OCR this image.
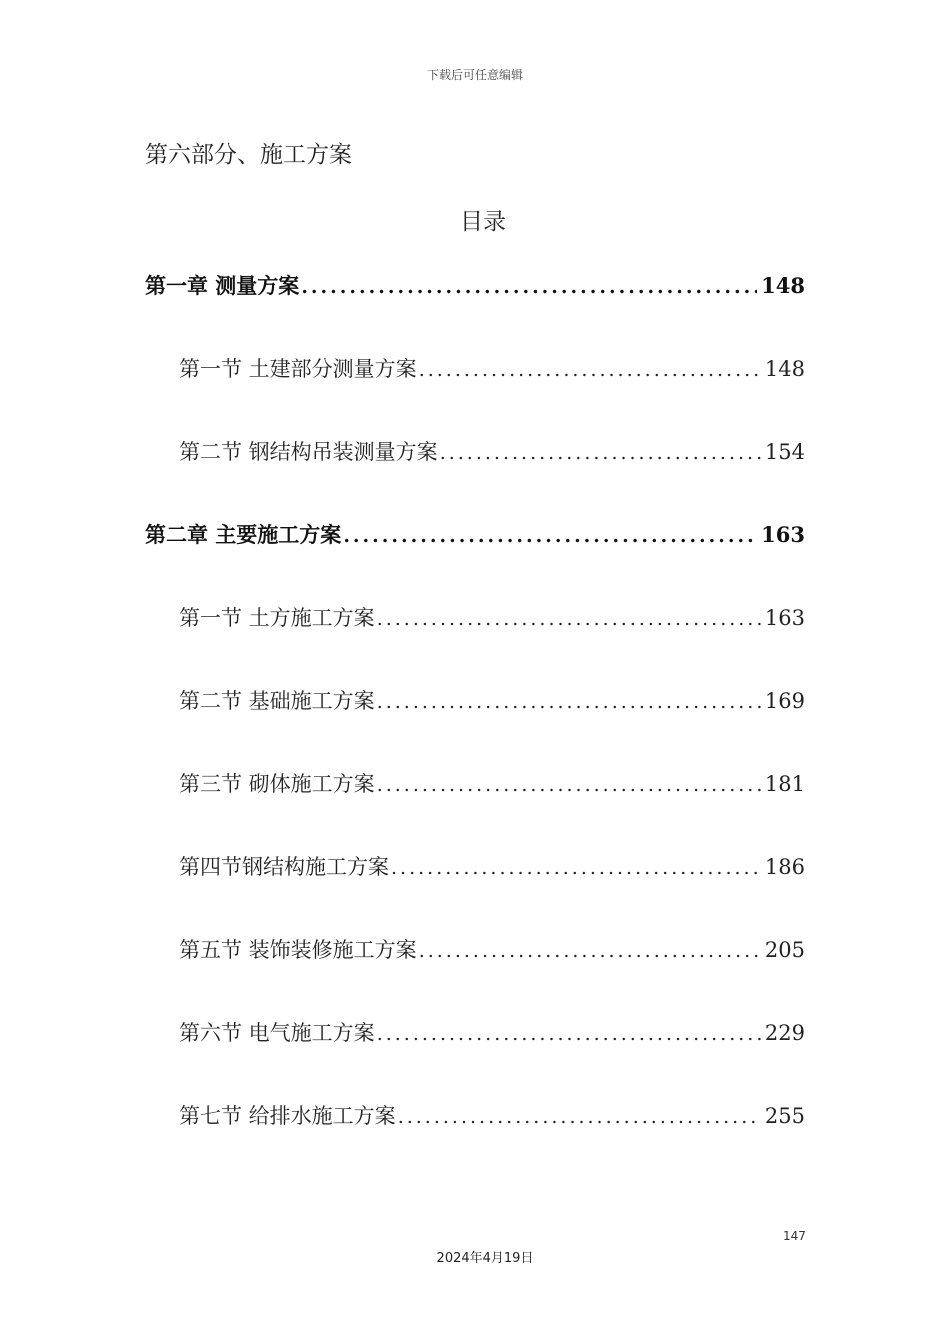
下载后可任意编辑
第六部分、施工方案
目录
第一章 测量方案 .....	148
第一节 土建部分测量方案 .....	148
第二节 钢结构吊装测量方案 .....	154
第二章 主要施工方案 .....	163
第一节 土方施工方案 .....	163
第二节 基础施工方案 .....	169
第三节 砌体施工方案 .....	181
第四节钢结构施工方案 .....	186
第五节 装饰装修施工方案 .....	205
第六节 电气施工方案 .....	229
第七节 给排水施工方案 .....	255
147
2024年4月19日
